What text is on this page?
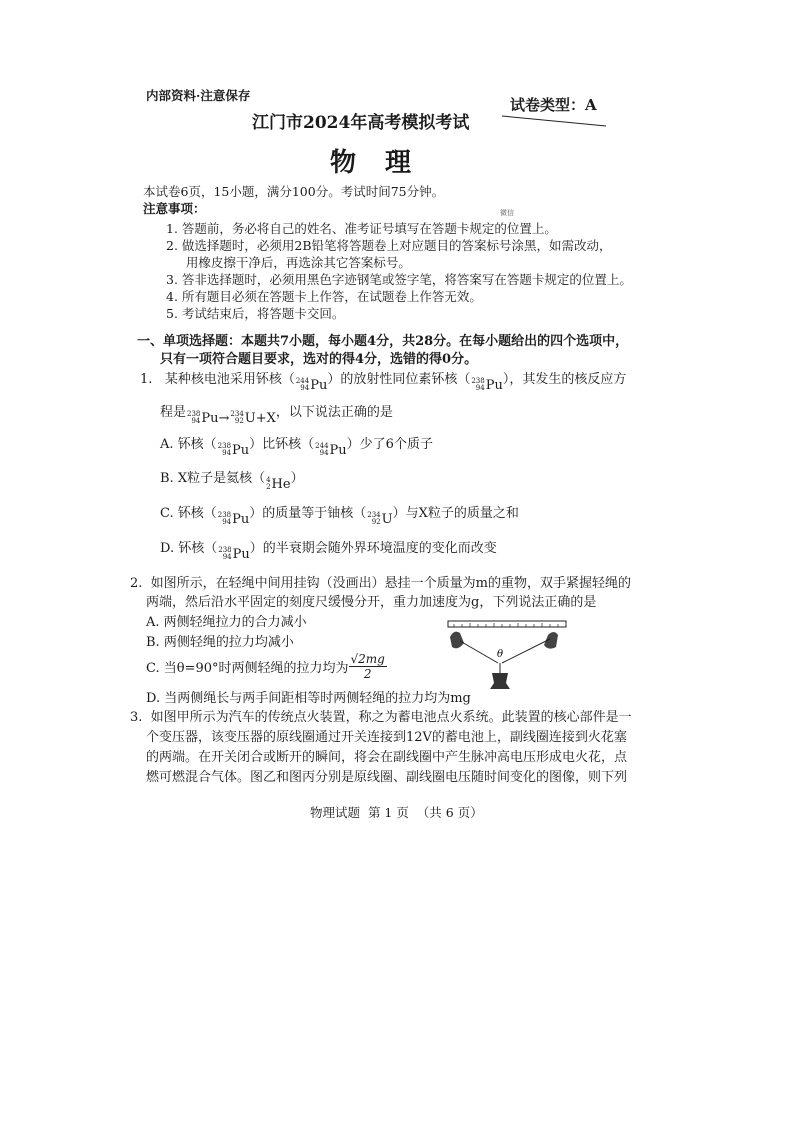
内部资料·注意保存
试卷类型：A
江门市2024年高考模拟考试
物 理
微信
本试卷6页，15小题，满分100分。考试时间75分钟。
注意事项：
1. 答题前，务必将自己的姓名、准考证号填写在答题卡规定的位置上。
2. 做选择题时，必须用2B铅笔将答题卷上对应题目的答案标号涂黑，如需改动，
用橡皮擦干净后，再选涂其它答案标号。
3. 答非选择题时，必须用黑色字迹钢笔或签字笔，将答案写在答题卡规定的位置上。
4. 所有题目必须在答题卡上作答，在试题卷上作答无效。
5. 考试结束后，将答题卡交回。
一、单项选择题：本题共7小题，每小题4分，共28分。在每小题给出的四个选项中，
只有一项符合题目要求，选对的得4分，选错的得0分。
1. 某种核电池采用钚核（ 244
94 Pu ）的放射性同位素钚核（ 238
94 Pu ），其发生的核反应方
程是 238
94 Pu → 234
92 U +X ，以下说法正确的是
A. 钚核（ 238
94 Pu ）比钚核（ 244
94 Pu ）少了6个质子
B. X粒子是氦核（ 4
2 He ）
C. 钚核（ 238
94 Pu ）的质量等于铀核（ 234
92 U ）与X粒子的质量之和
D. 钚核（ 238
94 Pu ）的半衰期会随外界环境温度的变化而改变
2. 如图所示，在轻绳中间用挂钩（没画出）悬挂一个质量为m的重物，双手紧握轻绳的
两端，然后沿水平固定的刻度尺缓慢分开，重力加速度为g，下列说法正确的是
A. 两侧轻绳拉力的合力减小
B. 两侧轻绳的拉力均减小
C. 当θ=90°时两侧轻绳的拉力均为 $\frac{√2mg}{2}$
D. 当两侧绳长与两手间距相等时两侧轻绳的拉力均为mg
θ
3. 如图甲所示为汽车的传统点火装置，称之为蓄电池点火系统。此装置的核心部件是一
个变压器，该变压器的原线圈通过开关连接到12V的蓄电池上，副线圈连接到火花塞
的两端。在开关闭合或断开的瞬间，将会在副线圈中产生脉冲高电压形成电火花，点
燃可燃混合气体。图乙和图丙分别是原线圈、副线圈电压随时间变化的图像，则下列
物理试题  第 1 页  （共 6 页）
